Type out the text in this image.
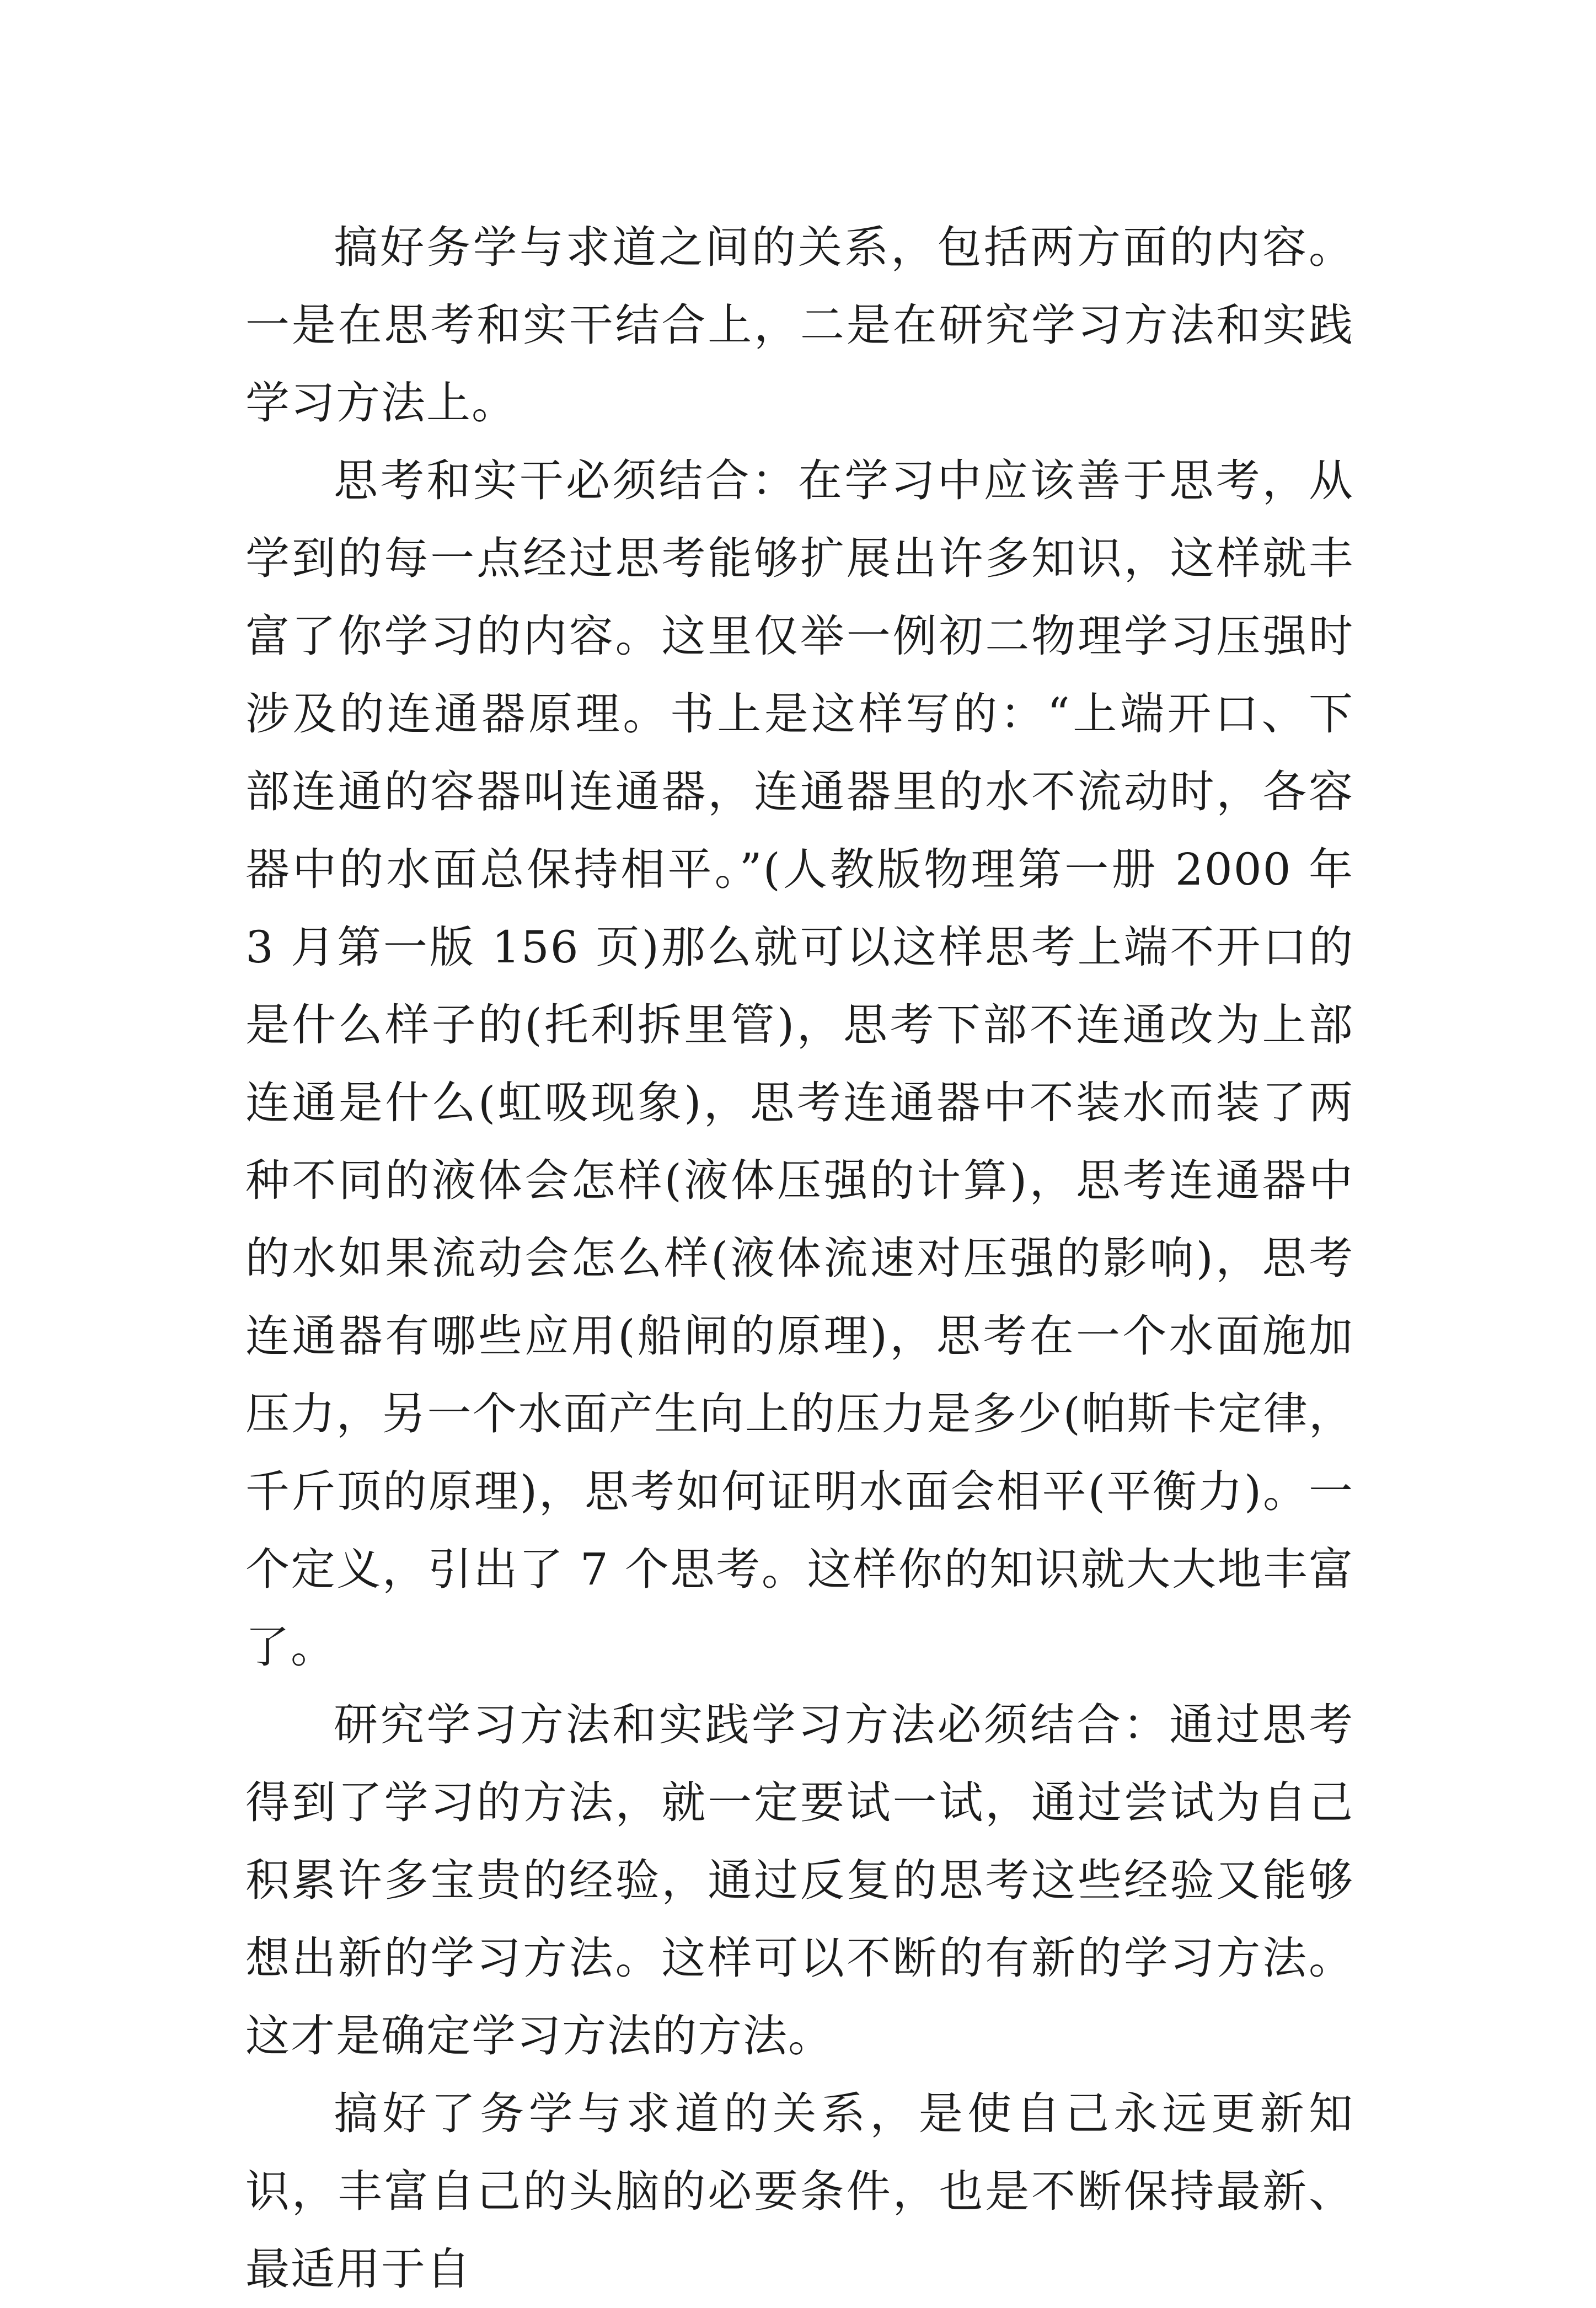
搞好务学与求道之间的关系，包括两方面的内容。一是在思考和实干结合上，二是在研究学习方法和实践学习方法上。

思考和实干必须结合：在学习中应该善于思考，从学到的每一点经过思考能够扩展出许多知识，这样就丰富了你学习的内容。这里仅举一例初二物理学习压强时涉及的连通器原理。书上是这样写的：“上端开口、下部连通的容器叫连通器，连通器里的水不流动时，各容器中的水面总保持相平。”(人教版物理第一册 2000 年 3 月第一版 156 页)那么就可以这样思考上端不开口的是什么样子的(托利拆里管)，思考下部不连通改为上部连通是什么(虹吸现象)，思考连通器中不装水而装了两种不同的液体会怎样(液体压强的计算)，思考连通器中的水如果流动会怎么样(液体流速对压强的影响)，思考连通器有哪些应用(船闸的原理)，思考在一个水面施加压力，另一个水面产生向上的压力是多少(帕斯卡定律，千斤顶的原理)，思考如何证明水面会相平(平衡力)。一个定义，引出了 7 个思考。这样你的知识就大大地丰富了。

研究学习方法和实践学习方法必须结合：通过思考得到了学习的方法，就一定要试一试，通过尝试为自己积累许多宝贵的经验，通过反复的思考这些经验又能够想出新的学习方法。这样可以不断的有新的学习方法。这才是确定学习方法的方法。

搞好了务学与求道的关系，是使自己永远更新知识，丰富自己的头脑的必要条件，也是不断保持最新、最适用于自
